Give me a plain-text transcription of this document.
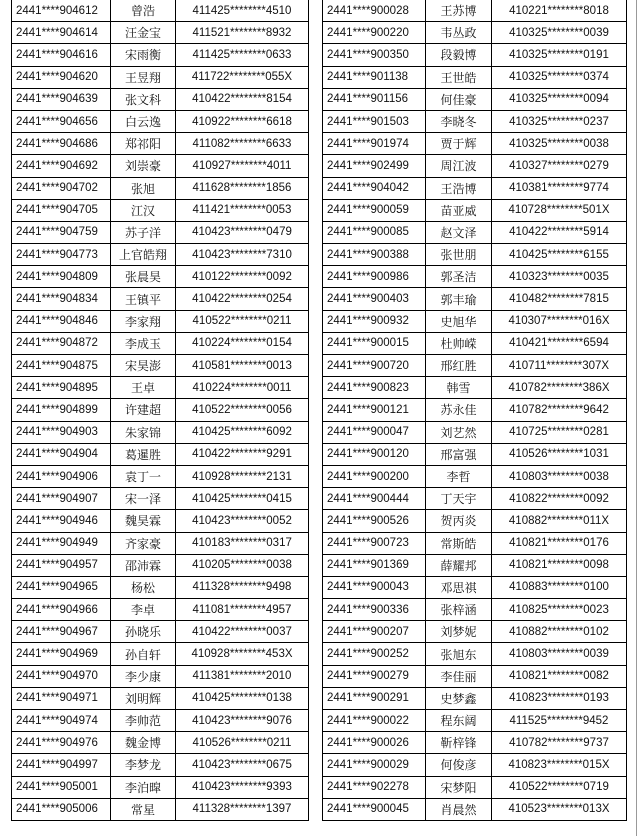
2441****904612	曾浩	411425********4510
2441****904614	汪金宝	411521********8932
2441****904616	宋雨衡	411425********0633
2441****904620	王昱翔	411722********055X
2441****904639	张文科	410422********8154
2441****904656	白云逸	410922********6618
2441****904686	郑祁阳	411082********6633
2441****904692	刘崇豪	410927********4011
2441****904702	张旭	411628********1856
2441****904705	江汉	411421********0053
2441****904759	苏子洋	410423********0479
2441****904773	上官皓翔	410423********7310
2441****904809	张晨昊	410122********0092
2441****904834	王镇平	410422********0254
2441****904846	李家翔	410522********0211
2441****904872	李成玉	410224********0154
2441****904875	宋昊澎	410581********0013
2441****904895	王卓	410224********0011
2441****904899	许建超	410522********0056
2441****904903	朱家锦	410425********6092
2441****904904	葛暹胜	410422********9291
2441****904906	袁丁一	410928********2131
2441****904907	宋一泽	410425********0415
2441****904946	魏昊霖	410423********0052
2441****904949	齐家豪	410183********0317
2441****904957	邵沛霖	410205********0038
2441****904965	杨松	411328********9498
2441****904966	李卓	411081********4957
2441****904967	孙晓乐	410422********0037
2441****904969	孙自轩	410928********453X
2441****904970	李少康	411381********2010
2441****904971	刘明辉	410425********0138
2441****904974	李帅范	410423********9076
2441****904976	魏金博	410526********0211
2441****904997	李梦龙	410423********0675
2441****905001	李泊暭	410423********9393
2441****905006	常星	411328********1397
2441****900028	王苏博	410221********8018
2441****900220	韦丛政	410325********0039
2441****900350	段毅博	410325********0191
2441****901138	王世皓	410325********0374
2441****901156	何佳豪	410325********0094
2441****901503	李晓冬	410325********0237
2441****901974	贾于辉	410325********0038
2441****902499	周江波	410327********0279
2441****904042	王浩博	410381********9774
2441****900059	苗亚威	410728********501X
2441****900085	赵文泽	410422********5914
2441****900388	张世朋	410425********6155
2441****900986	郭圣洁	410323********0035
2441****900403	郭丰瑜	410482********7815
2441****900932	史旭华	410307********016X
2441****900015	杜帅嵘	410421********6594
2441****900720	邢红胜	410711********307X
2441****900823	韩雪	410782********386X
2441****900121	苏永佳	410782********9642
2441****900047	刘艺然	410725********0281
2441****900120	邢富强	410526********1031
2441****900200	李哲	410803********0038
2441****900444	丁天宇	410822********0092
2441****900526	贺丙炎	410882********011X
2441****900723	常斯皓	410821********0176
2441****901369	薛耀邦	410821********0098
2441****900043	邓思祺	410883********0100
2441****900336	张梓涵	410825********0023
2441****900207	刘梦妮	410882********0102
2441****900252	张旭东	410803********0039
2441****900279	李佳丽	410821********0082
2441****900291	史梦鑫	410823********0193
2441****900022	程东阔	411525********9452
2441****900026	靳梓锋	410782********9737
2441****900029	何俊彦	410823********015X
2441****902278	宋梦阳	410522********0719
2441****900045	肖晨然	410523********013X
